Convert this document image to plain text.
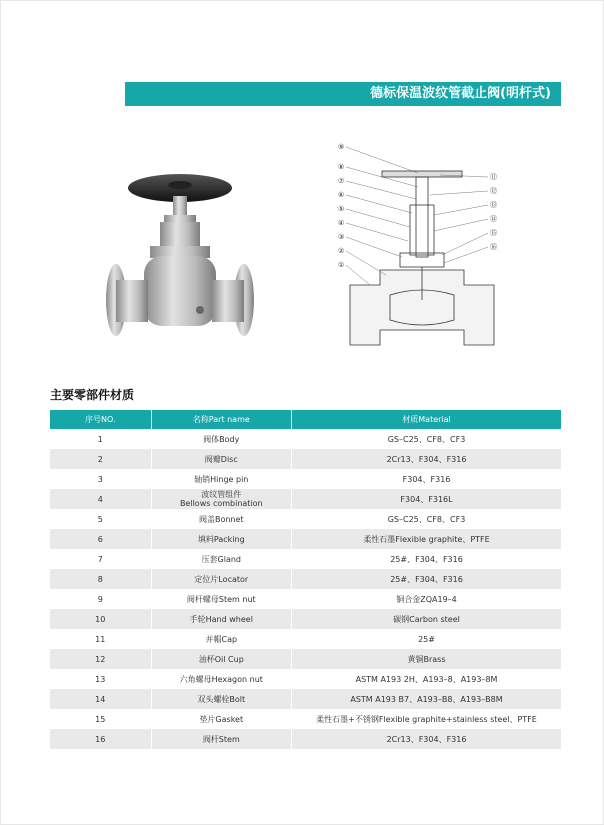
德标保温波纹管截止阀(明杆式)
⑨
⑧
⑦
⑥
⑤
④
③
②
①
⑪
⑫
⑬
⑭
⑮
⑯
主要零部件材质
序号NO.	名称Part name	材质Material
1	阀体Body	GS–C25、CF8、CF3
2	阀瓣Disc	2Cr13、F304、F316
3	轴销Hinge pin	F304、F316
4	波纹管组件
Bellows combination	F304、F316L
5	阀盖Bonnet	GS–C25、CF8、CF3
6	填料Packing	柔性石墨Flexible graphite、PTFE
7	压套Gland	25#、F304、F316
8	定位片Locator	25#、F304、F316
9	阀杆螺母Stem nut	铜合金ZQA19–4
10	手轮Hand wheel	碳钢Carbon steel
11	并帽Cap	25#
12	油杯Oil Cup	黄铜Brass
13	六角螺母Hexagon nut	ASTM A193 2H、A193–8、A193–8M
14	双头螺栓Bolt	ASTM A193 B7、A193–B8、A193–B8M
15	垫片Gasket	柔性石墨+不锈钢Flexible graphite+stainless steel、PTFE
16	阀杆Stem	2Cr13、F304、F316
